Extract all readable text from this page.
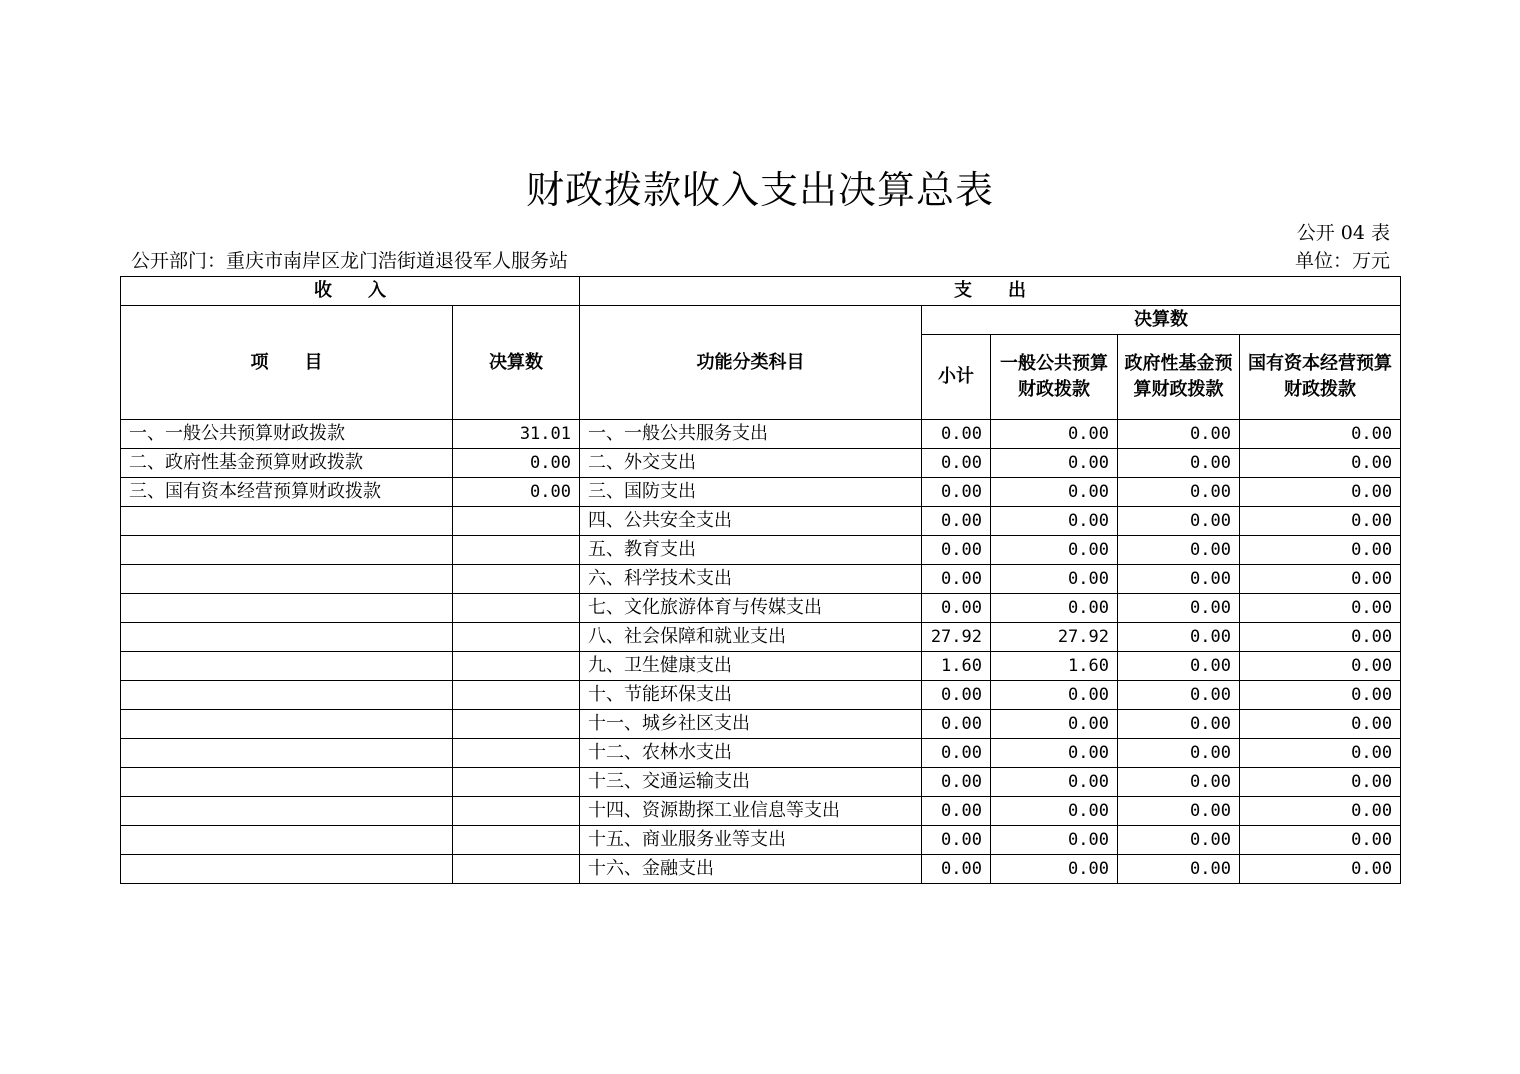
财政拨款收入支出决算总表
公开 04 表
公开部门：重庆市南岸区龙门浩街道退役军人服务站	单位：万元
收　　入		支　　出				
项　　目	决算数	功能分类科目	决算数			
			小计	一般公共预算财政拨款	政府性基金预算财政拨款	国有资本经营预算财政拨款
一、一般公共预算财政拨款	31.01	一、一般公共服务支出	0.00	0.00	0.00	0.00
二、政府性基金预算财政拨款	0.00	二、外交支出	0.00	0.00	0.00	0.00
三、国有资本经营预算财政拨款	0.00	三、国防支出	0.00	0.00	0.00	0.00
		四、公共安全支出	0.00	0.00	0.00	0.00
		五、教育支出	0.00	0.00	0.00	0.00
		六、科学技术支出	0.00	0.00	0.00	0.00
		七、文化旅游体育与传媒支出	0.00	0.00	0.00	0.00
		八、社会保障和就业支出	27.92	27.92	0.00	0.00
		九、卫生健康支出	1.60	1.60	0.00	0.00
		十、节能环保支出	0.00	0.00	0.00	0.00
		十一、城乡社区支出	0.00	0.00	0.00	0.00
		十二、农林水支出	0.00	0.00	0.00	0.00
		十三、交通运输支出	0.00	0.00	0.00	0.00
		十四、资源勘探工业信息等支出	0.00	0.00	0.00	0.00
		十五、商业服务业等支出	0.00	0.00	0.00	0.00
		十六、金融支出	0.00	0.00	0.00	0.00
